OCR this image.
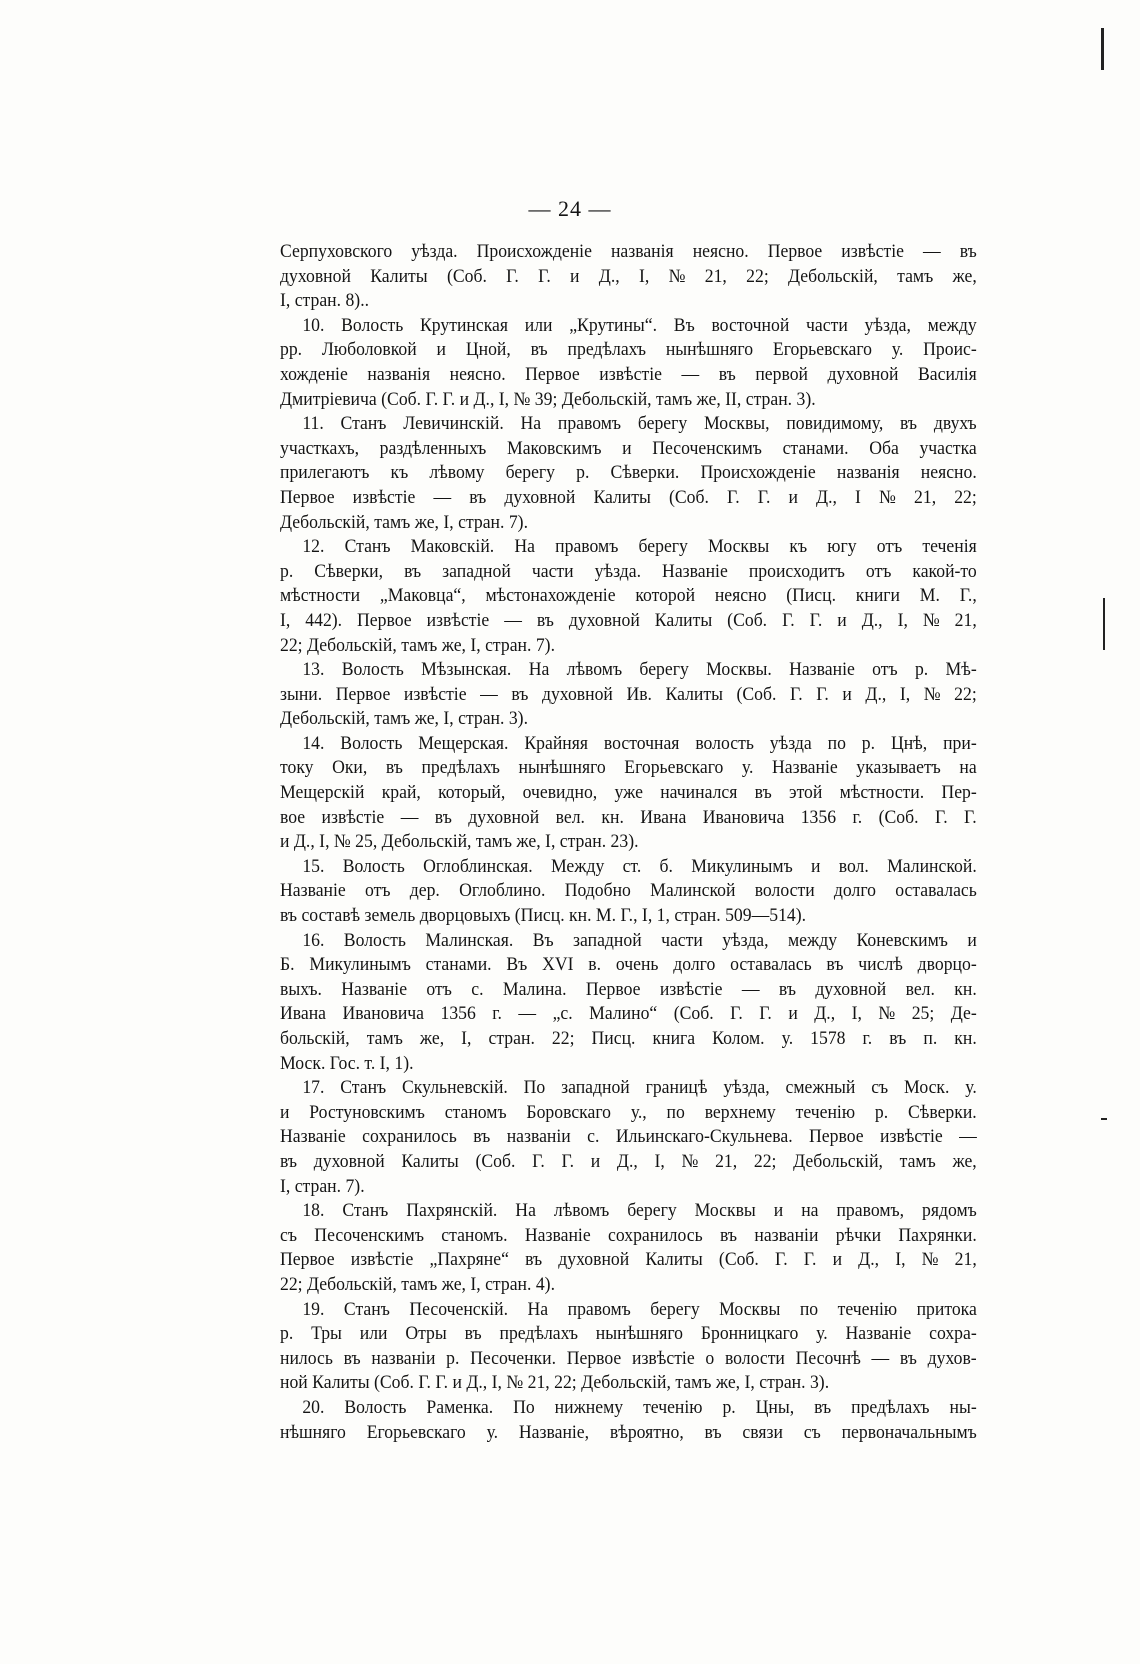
— 24 —
Серпуховского уѣзда. Происхожденіе названія неясно. Первое извѣстіе — въ
духовной Калиты (Соб. Г. Г. и Д., I, № 21, 22; Дебольскій, тамъ же,
I, стран. 8)..
10. Волость Крутинская или „Крутины“. Въ восточной части уѣзда, между
рр. Люболовкой и Цной, въ предѣлахъ нынѣшняго Егорьевскаго у. Проис-
хожденіе названія неясно. Первое извѣстіе — въ первой духовной Василія
Дмитріевича (Соб. Г. Г. и Д., I, № 39; Дебольскій, тамъ же, II, стран. 3).
11. Станъ Левичинскій. На правомъ берегу Москвы, повидимому, въ двухъ
участкахъ, раздѣленныхъ Маковскимъ и Песоченскимъ станами. Оба участка
прилегаютъ къ лѣвому берегу р. Сѣверки. Происхожденіе названія неясно.
Первое извѣстіе — въ духовной Калиты (Соб. Г. Г. и Д., I № 21, 22;
Дебольскій, тамъ же, I, стран. 7).
12. Станъ Маковскій. На правомъ берегу Москвы къ югу отъ теченія
р. Сѣверки, въ западной части уѣзда. Названіе происходитъ отъ какой-то
мѣстности „Маковца“, мѣстонахожденіе которой неясно (Писц. книги М. Г.,
I, 442). Первое извѣстіе — въ духовной Калиты (Соб. Г. Г. и Д., I, № 21,
22; Дебольскій, тамъ же, I, стран. 7).
13. Волость Мѣзынская. На лѣвомъ берегу Москвы. Названіе отъ р. Мѣ-
зыни. Первое извѣстіе — въ духовной Ив. Калиты (Соб. Г. Г. и Д., I, № 22;
Дебольскій, тамъ же, I, стран. 3).
14. Волость Мещерская. Крайняя восточная волость уѣзда по р. Цнѣ, при-
току Оки, въ предѣлахъ нынѣшняго Егорьевскаго у. Названіе указываетъ на
Мещерскій край, который, очевидно, уже начинался въ этой мѣстности. Пер-
вое извѣстіе — въ духовной вел. кн. Ивана Ивановича 1356 г. (Соб. Г. Г.
и Д., I, № 25, Дебольскій, тамъ же, I, стран. 23).
15. Волость Оглоблинская. Между ст. б. Микулинымъ и вол. Малинской.
Названіе отъ дер. Оглоблино. Подобно Малинской волости долго оставалась
въ составѣ земель дворцовыхъ (Писц. кн. М. Г., I, 1, стран. 509—514).
16. Волость Малинская. Въ западной части уѣзда, между Коневскимъ и
Б. Микулинымъ станами. Въ XVI в. очень долго оставалась въ числѣ дворцо-
выхъ. Названіе отъ с. Малина. Первое извѣстіе — въ духовной вел. кн.
Ивана Ивановича 1356 г. — „с. Малино“ (Соб. Г. Г. и Д., I, № 25; Де-
больскій, тамъ же, I, стран. 22; Писц. книга Колом. у. 1578 г. въ п. кн.
Моск. Гос. т. I, 1).
17. Станъ Скульневскій. По западной границѣ уѣзда, смежный съ Моск. у.
и Ростуновскимъ станомъ Боровскаго у., по верхнему теченію р. Сѣверки.
Названіе сохранилось въ названіи с. Ильинскаго-Скульнева. Первое извѣстіе —
въ духовной Калиты (Соб. Г. Г. и Д., I, № 21, 22; Дебольскій, тамъ же,
I, стран. 7).
18. Станъ Пахрянскій. На лѣвомъ берегу Москвы и на правомъ, рядомъ
съ Песоченскимъ станомъ. Названіе сохранилось въ названіи рѣчки Пахрянки.
Первое извѣстіе „Пахряне“ въ духовной Калиты (Соб. Г. Г. и Д., I, № 21,
22; Дебольскій, тамъ же, I, стран. 4).
19. Станъ Песоченскій. На правомъ берегу Москвы по теченію притока
р. Тры или Отры въ предѣлахъ нынѣшняго Бронницкаго у. Названіе сохра-
нилось въ названіи р. Песоченки. Первое извѣстіе о волости Песочнѣ — въ духов-
ной Калиты (Соб. Г. Г. и Д., I, № 21, 22; Дебольскій, тамъ же, I, стран. 3).
20. Волость Раменка. По нижнему теченію р. Цны, въ предѣлахъ ны-
нѣшняго Егорьевскаго у. Названіе, вѣроятно, въ связи съ первоначальнымъ
